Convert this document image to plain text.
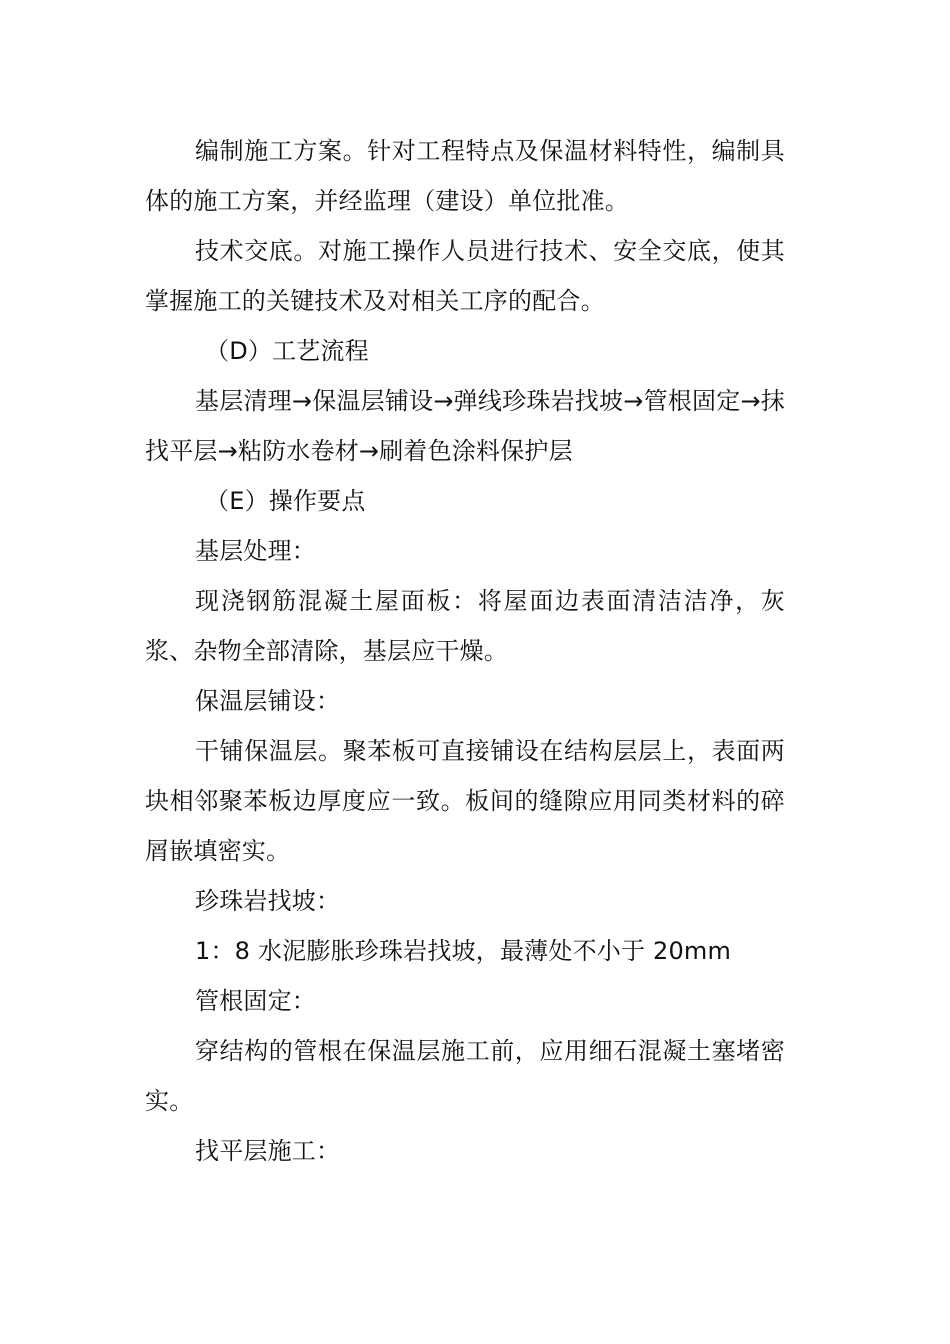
编制施工方案。针对工程特点及保温材料特性，编制具体的施工方案，并经监理（建设）单位批准。

技术交底。对施工操作人员进行技术、安全交底，使其掌握施工的关键技术及对相关工序的配合。

（D）工艺流程

基层清理→保温层铺设→弹线珍珠岩找坡→管根固定→抹找平层→粘防水卷材→刷着色涂料保护层

（E）操作要点

基层处理：

现浇钢筋混凝土屋面板：将屋面边表面清洁洁净，灰浆、杂物全部清除，基层应干燥。

保温层铺设：

干铺保温层。聚苯板可直接铺设在结构层层上，表面两块相邻聚苯板边厚度应一致。板间的缝隙应用同类材料的碎屑嵌填密实。

珍珠岩找坡：

1：8 水泥膨胀珍珠岩找坡，最薄处不小于 20mm

管根固定：

穿结构的管根在保温层施工前，应用细石混凝土塞堵密实。

找平层施工：
